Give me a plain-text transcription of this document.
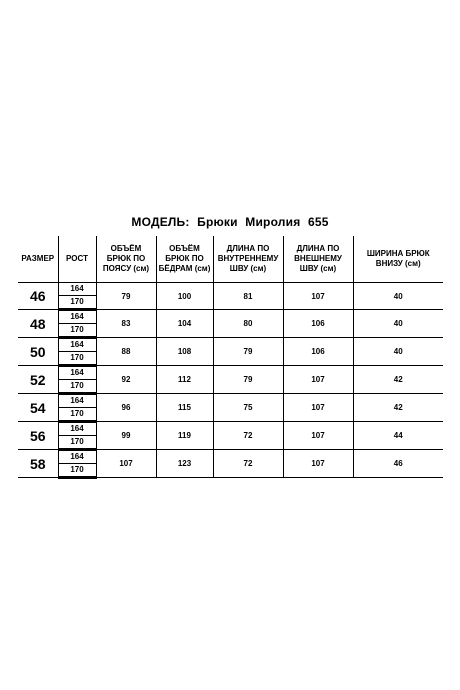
МОДЕЛЬ: Брюки Миролия 655
РАЗМЕР	РОСТ	ОБЪЁМ БРЮК ПО ПОЯСУ (см)	ОБЪЁМ БРЮК ПО БЁДРАМ (см)	ДЛИНА ПО ВНУТРЕННЕМУ ШВУ (см)	ДЛИНА ПО ВНЕШНЕМУ ШВУ (см)	ШИРИНА БРЮК ВНИЗУ (см)
46	164	79	100	81	107	40
	170					
48	164	83	104	80	106	40
	170					
50	164	88	108	79	106	40
	170					
52	164	92	112	79	107	42
	170					
54	164	96	115	75	107	42
	170					
56	164	99	119	72	107	44
	170					
58	164	107	123	72	107	46
	170					
